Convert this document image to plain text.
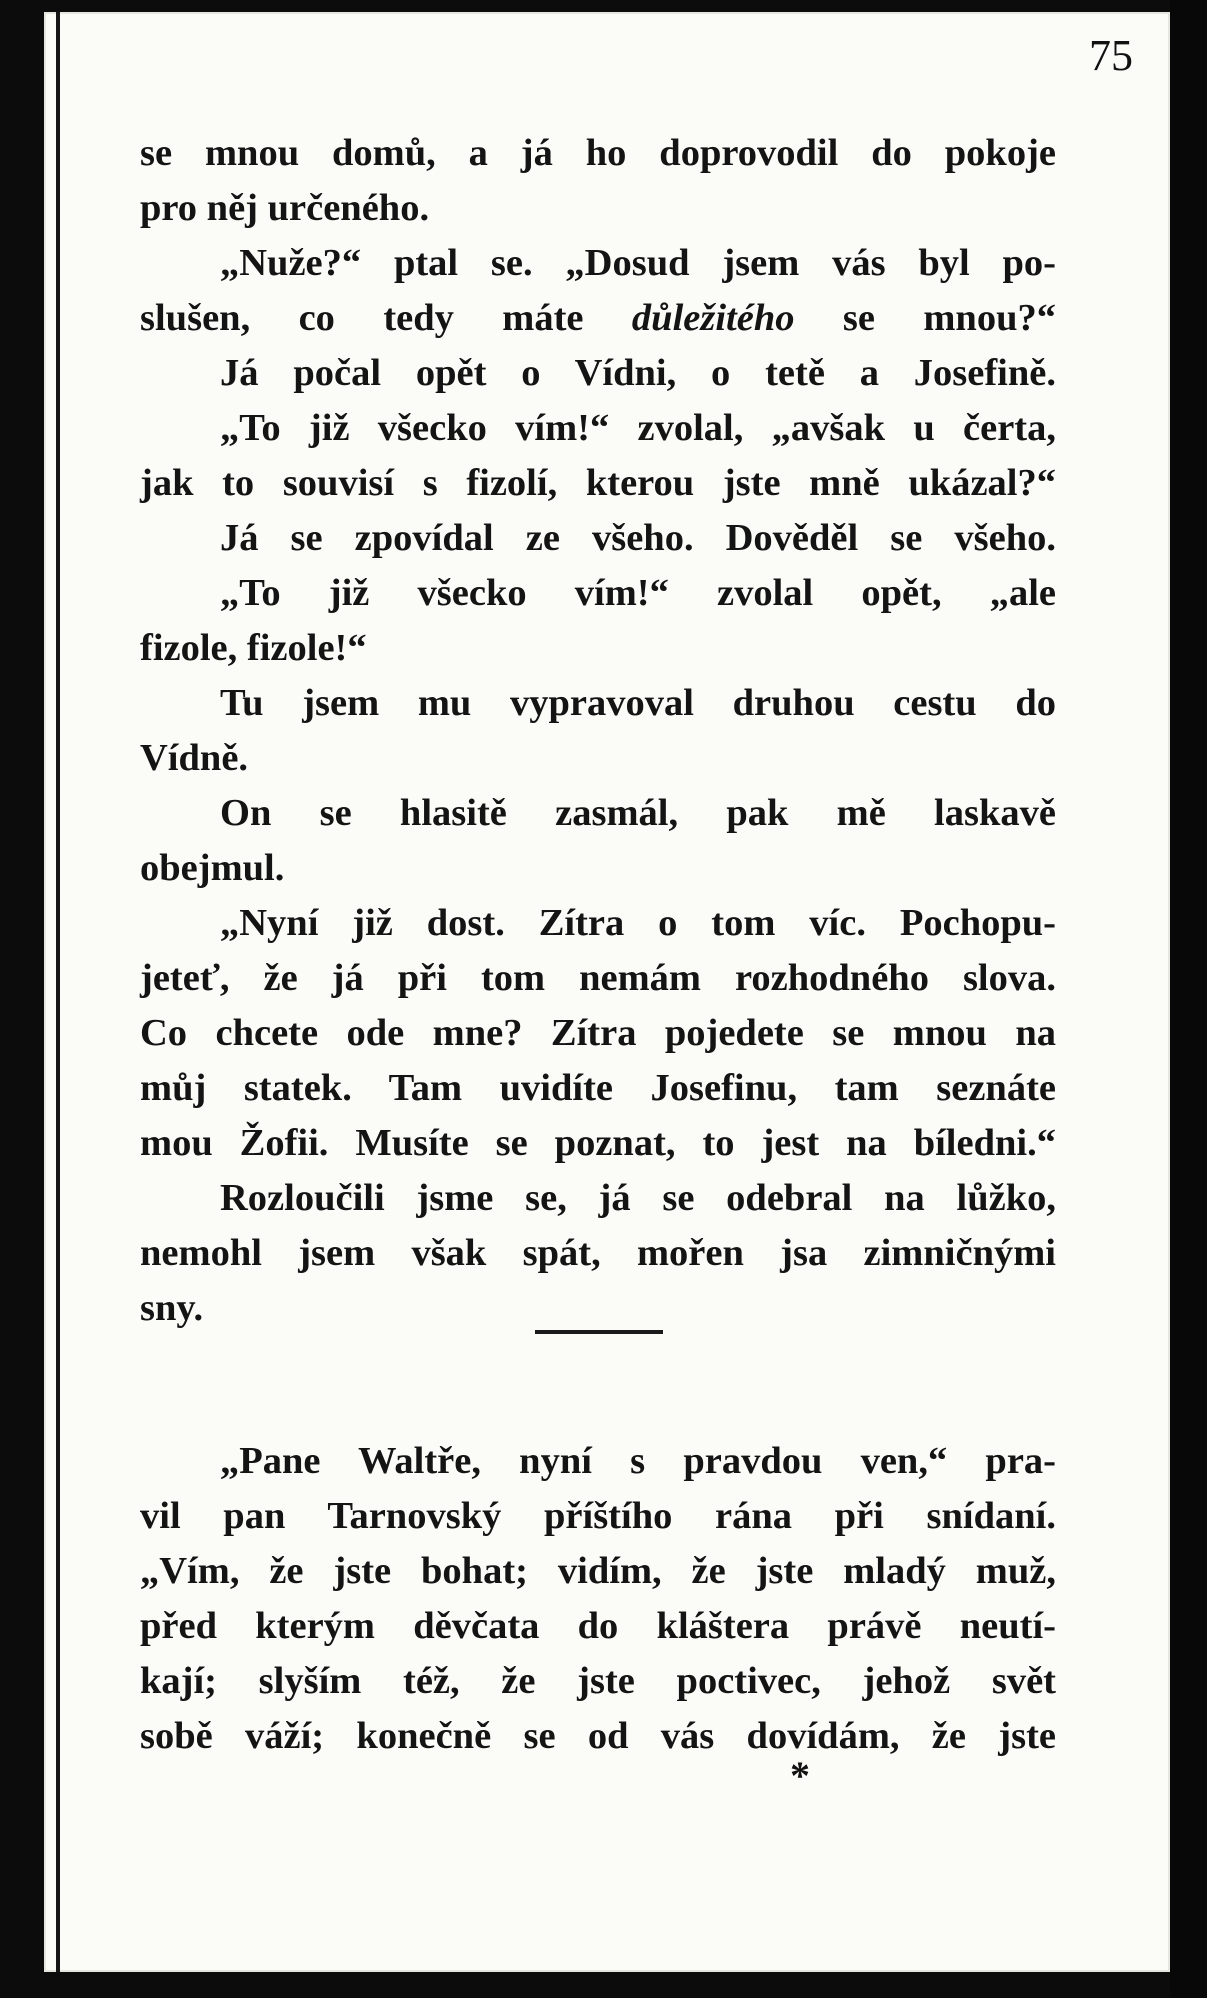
75
se mnou domů, a já ho doprovodil do pokoje
pro něj určeného.
„Nuže?“ ptal se. „Dosud jsem vás byl po-
slušen, co tedy máte důležitého se mnou?“
Já počal opět o Vídni, o tetě a Josefině.
„To již všecko vím!“ zvolal, „avšak u čerta,
jak to souvisí s fizolí, kterou jste mně ukázal?“
Já se zpovídal ze všeho. Dověděl se všeho.
„To již všecko vím!“ zvolal opět, „ale
fizole, fizole!“
Tu jsem mu vypravoval druhou cestu do
Vídně.
On se hlasitě zasmál, pak mě laskavě
obejmul.
„Nyní již dost. Zítra o tom víc. Pochopu-
jeteť, že já při tom nemám rozhodného slova.
Co chcete ode mne? Zítra pojedete se mnou na
můj statek. Tam uvidíte Josefinu, tam seznáte
mou Žofii. Musíte se poznat, to jest na bíledni.“
Rozloučili jsme se, já se odebral na lůžko,
nemohl jsem však spát, mořen jsa zimničnými
sny.
„Pane Waltře, nyní s pravdou ven,“ pra-
vil pan Tarnovský příštího rána při snídaní.
„Vím, že jste bohat; vidím, že jste mladý muž,
před kterým děvčata do kláštera právě neutí-
kají; slyším též, že jste poctivec, jehož svět
sobě váží; konečně se od vás dovídám, že jste
*
